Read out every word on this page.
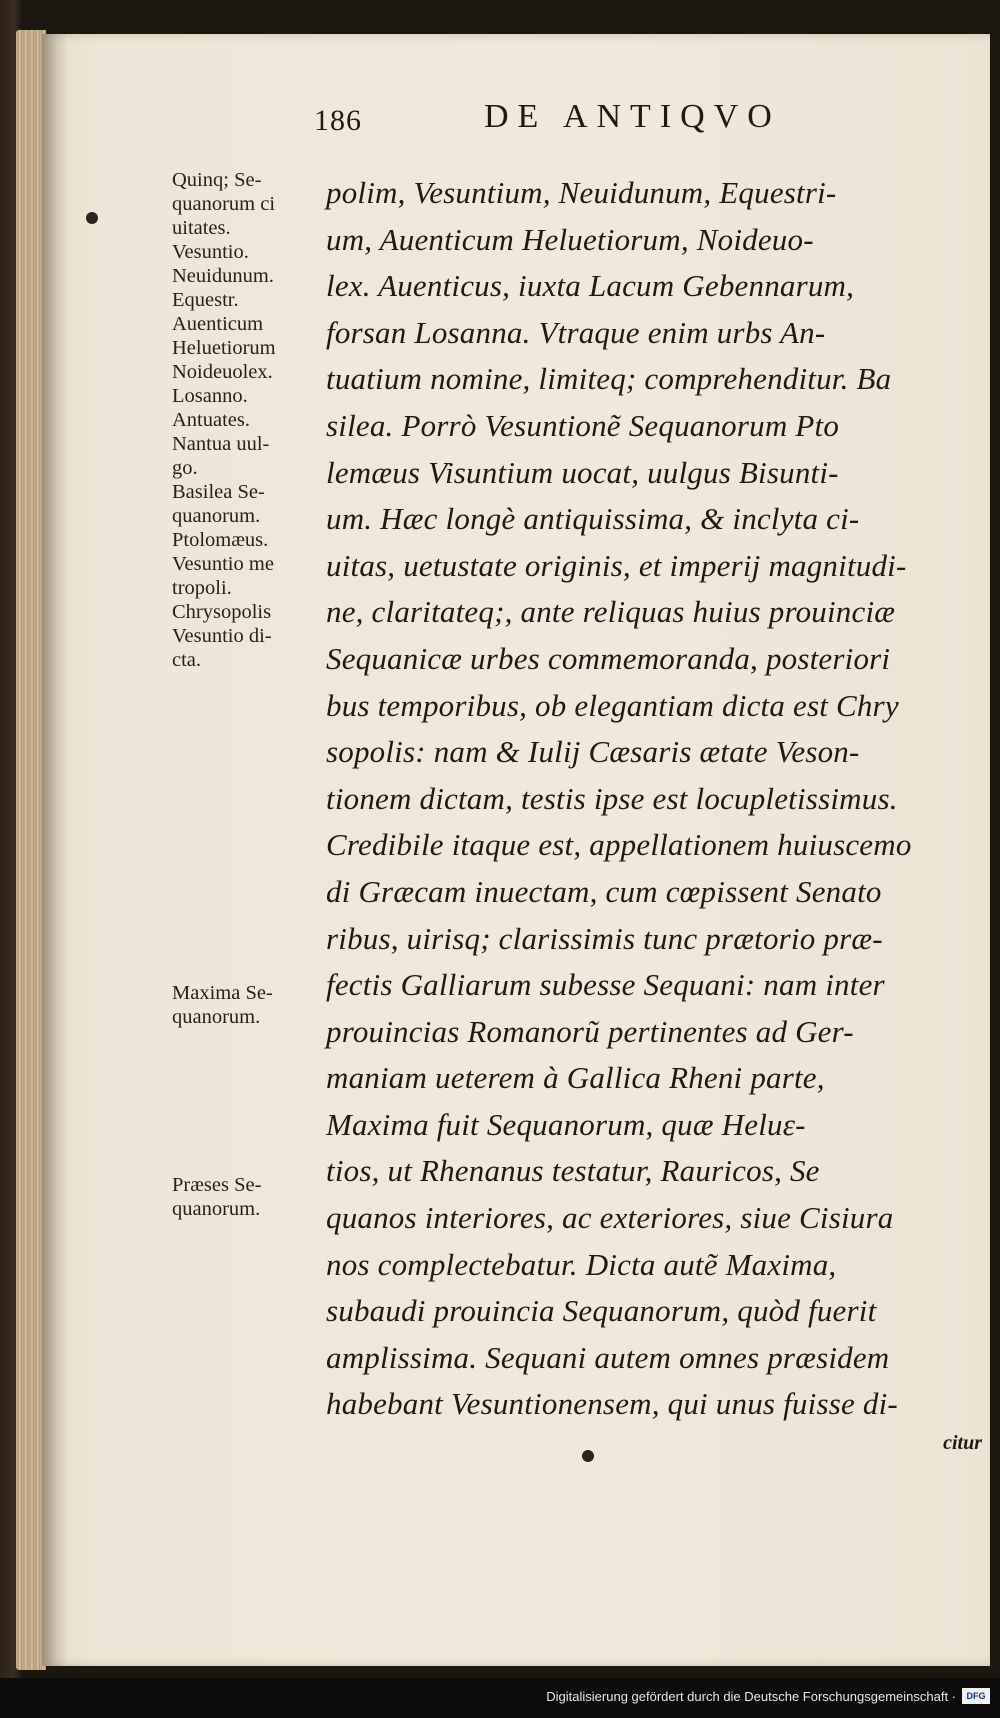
186	DE ANTIQVO
Quinq; Se-
quanorum ci
uitates.
Vesuntio.
Neuidunum.
Equestr.
Auenticum
Heluetiorum
Noideuolex.
Losanno.
Antuates.
Nantua uul-
go.
Basilea Se-
quanorum.
Ptolomæus.
Vesuntio me
tropoli.
Chrysopolis
Vesuntio di-
cta.
Maxima Se-
quanorum.
Præses Se-
quanorum.
polim, Vesuntium, Neuidunum, Equestri-
um, Auenticum Heluetiorum, Noideuo-
lex. Auenticus, iuxta Lacum Gebennarum,
forsan Losanna. Vtraque enim urbs An-
tuatium nomine, limiteq; comprehenditur. Ba
silea. Porrò Vesuntionẽ Sequanorum Pto
lemæus Visuntium uocat, uulgus Bisunti-
um. Hæc longè antiquissima, & inclyta ci-
uitas, uetustate originis, et imperij magnitudi-
ne, claritateq;, ante reliquas huius prouinciæ
Sequanicæ urbes commemoranda, posteriori
bus temporibus, ob elegantiam dicta est Chry
sopolis: nam & Iulij Cæsaris ætate Veson-
tionem dictam, testis ipse est locupletissimus.
Credibile itaque est, appellationem huiuscemo
di Græcam inuectam, cum cœpissent Senato
ribus, uirisq; clarissimis tunc prætorio præ-
fectis Galliarum subesse Sequani: nam inter
prouincias Romanorũ pertinentes ad Ger-
maniam ueterem à Gallica Rheni parte,
Maxima fuit Sequanorum, quæ Heluε-
tios, ut Rhenanus testatur, Rauricos, Se
quanos interiores, ac exteriores, siue Cisiura
nos complectebatur. Dicta autẽ Maxima,
subaudi prouincia Sequanorum, quòd fuerit
amplissima. Sequani autem omnes præsidem
habebant Vesuntionensem, qui unus fuisse di-
citur
Digitalisierung gefördert durch die Deutsche Forschungsgemeinschaft ·	DFG
